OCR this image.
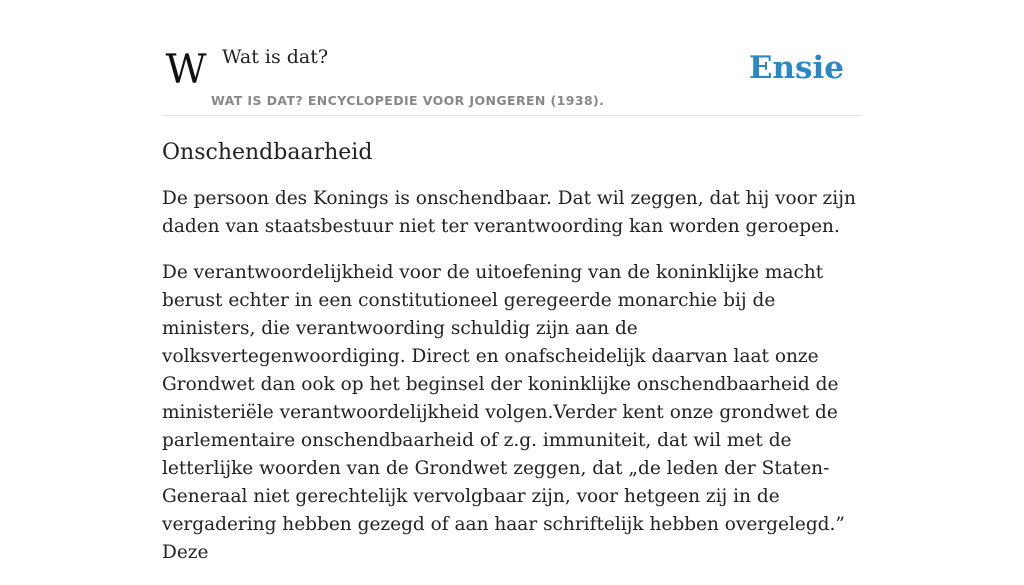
W Wat is dat?
WAT IS DAT? ENCYCLOPEDIE VOOR JONGEREN (1938).
Ensie
Onschendbaarheid

De persoon des Konings is onschendbaar. Dat wil zeggen, dat hij voor zijn daden van staatsbestuur niet ter verantwoording kan worden geroepen.

De verantwoordelijkheid voor de uitoefening van de koninklijke macht berust echter in een constitutioneel geregeerde monarchie bij de ministers, die verantwoording schuldig zijn aan de volksvertegenwoordiging. Direct en onafscheidelijk daarvan laat onze Grondwet dan ook op het beginsel der koninklijke onschendbaarheid de ministeriële verantwoordelijkheid volgen.Verder kent onze grondwet de parlementaire onschendbaarheid of z.g. immuniteit, dat wil met de letterlijke woorden van de Grondwet zeggen, dat „de leden der Staten-Generaal niet gerechtelijk vervolgbaar zijn, voor hetgeen zij in de vergadering hebben gezegd of aan haar schriftelijk hebben overgelegd.” Deze
